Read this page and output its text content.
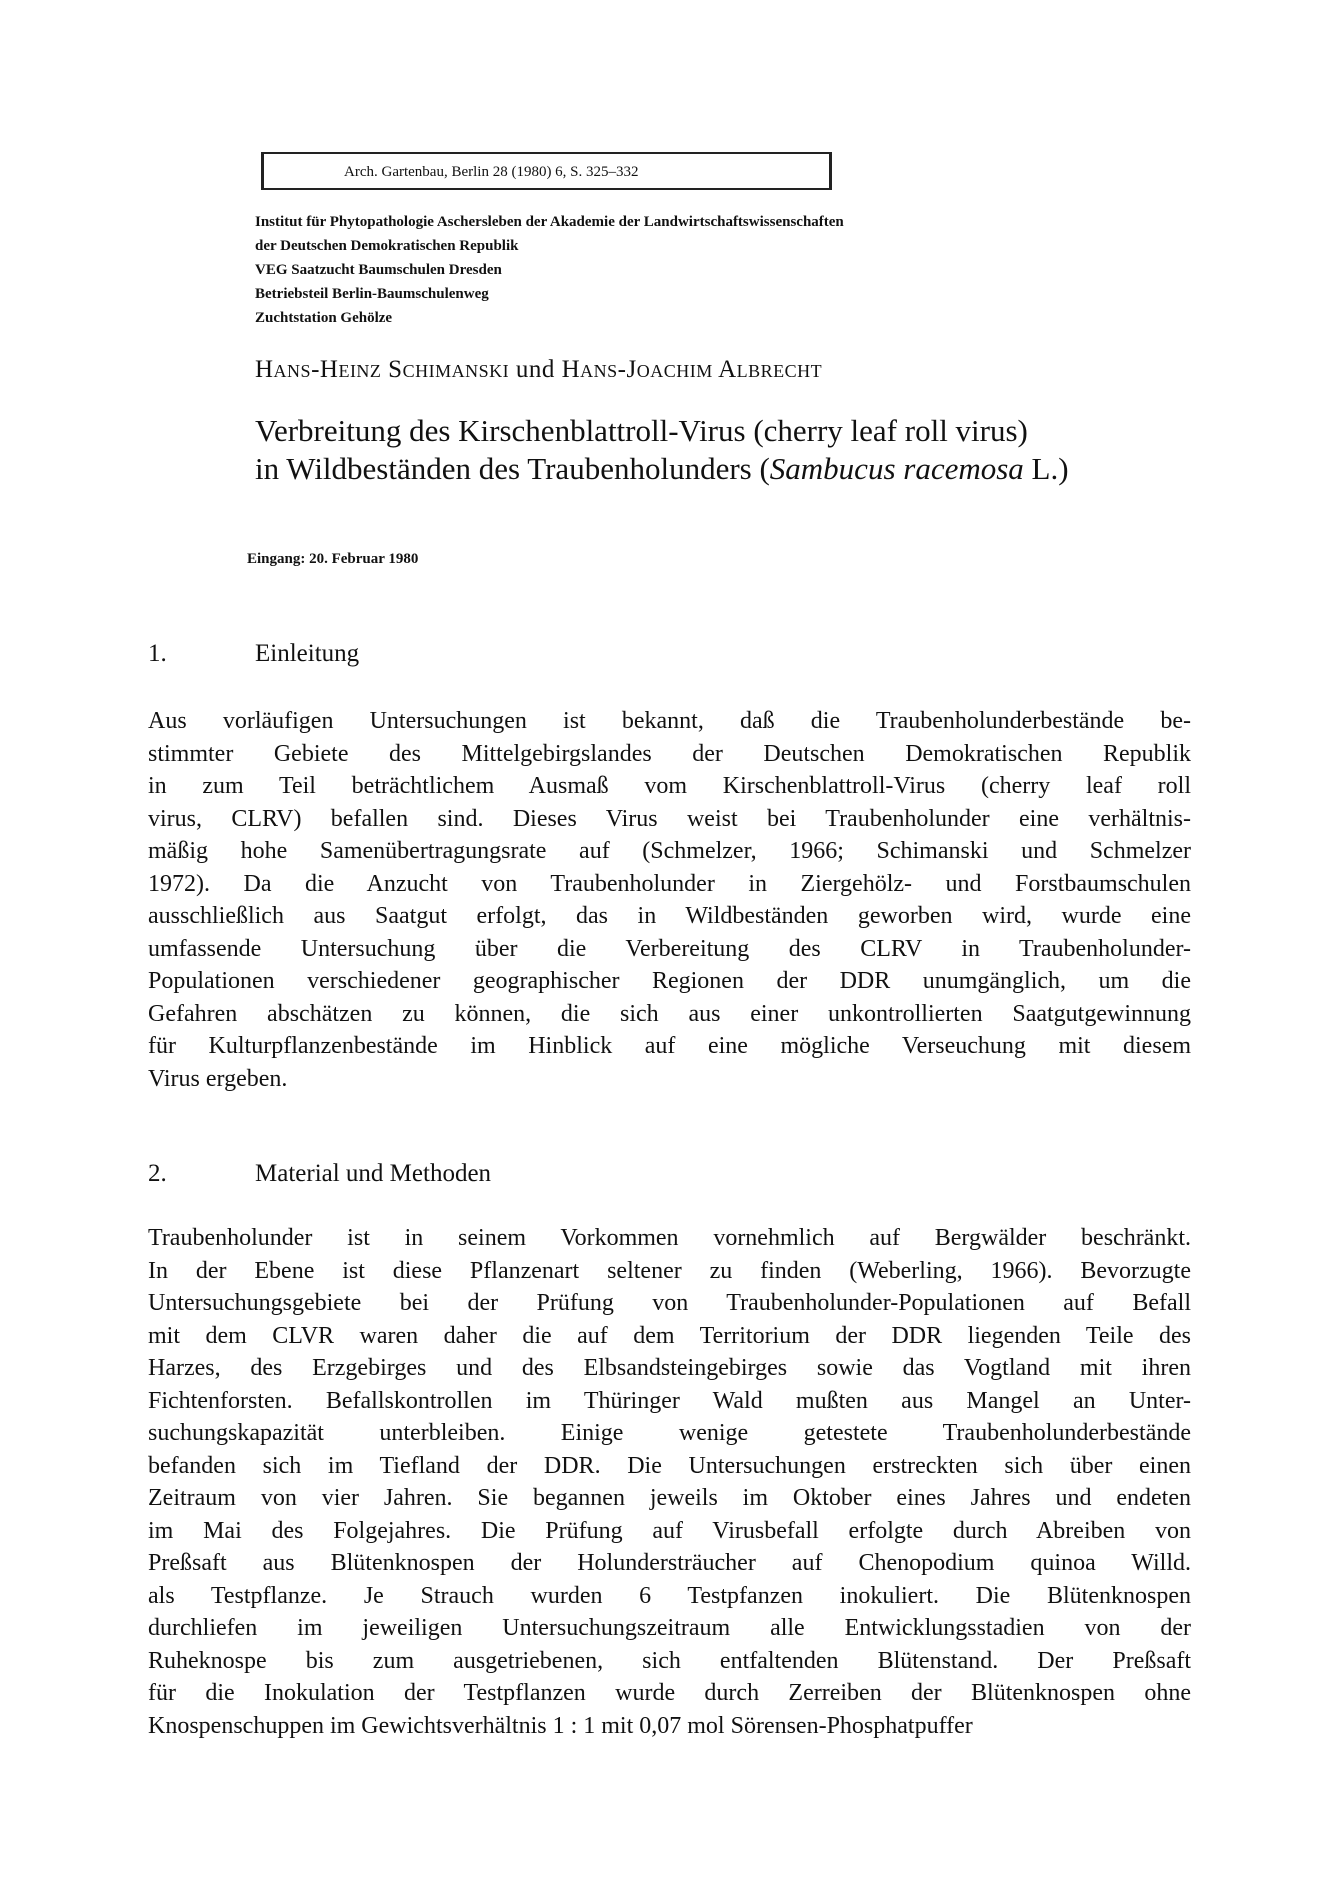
Arch. Gartenbau, Berlin 28 (1980) 6, S. 325–332
Institut für Phytopathologie Aschersleben der Akademie der Landwirtschaftswissenschaften
der Deutschen Demokratischen Republik
VEG Saatzucht Baumschulen Dresden
Betriebsteil Berlin-Baumschulenweg
Zuchtstation Gehölze
Hans-Heinz Schimanski und Hans-Joachim Albrecht
Verbreitung des Kirschenblattroll-Virus (cherry leaf roll virus)
in Wildbeständen des Traubenholunders (Sambucus racemosa L.)
Eingang: 20. Februar 1980
1.	Einleitung
Aus vorläufigen Untersuchungen ist bekannt, daß die Traubenholunderbestände be-
stimmter Gebiete des Mittelgebirgslandes der Deutschen Demokratischen Republik
in zum Teil beträchtlichem Ausmaß vom Kirschenblattroll-Virus (cherry leaf roll
virus, CLRV) befallen sind. Dieses Virus weist bei Traubenholunder eine verhältnis-
mäßig hohe Samenübertragungsrate auf (Schmelzer, 1966; Schimanski und Schmelzer
1972). Da die Anzucht von Traubenholunder in Ziergehölz- und Forstbaumschulen
ausschließlich aus Saatgut erfolgt, das in Wildbeständen geworben wird, wurde eine
umfassende Untersuchung über die Verbereitung des CLRV in Traubenholunder-
Populationen verschiedener geographischer Regionen der DDR unumgänglich, um die
Gefahren abschätzen zu können, die sich aus einer unkontrollierten Saatgutgewinnung
für Kulturpflanzenbestände im Hinblick auf eine mögliche Verseuchung mit diesem
Virus ergeben.
2.	Material und Methoden
Traubenholunder ist in seinem Vorkommen vornehmlich auf Bergwälder beschränkt.
In der Ebene ist diese Pflanzenart seltener zu finden (Weberling, 1966). Bevorzugte
Untersuchungsgebiete bei der Prüfung von Traubenholunder-Populationen auf Befall
mit dem CLVR waren daher die auf dem Territorium der DDR liegenden Teile des
Harzes, des Erzgebirges und des Elbsandsteingebirges sowie das Vogtland mit ihren
Fichtenforsten. Befallskontrollen im Thüringer Wald mußten aus Mangel an Unter-
suchungskapazität unterbleiben. Einige wenige getestete Traubenholunderbestände
befanden sich im Tiefland der DDR. Die Untersuchungen erstreckten sich über einen
Zeitraum von vier Jahren. Sie begannen jeweils im Oktober eines Jahres und endeten
im Mai des Folgejahres. Die Prüfung auf Virusbefall erfolgte durch Abreiben von
Preßsaft aus Blütenknospen der Holundersträucher auf Chenopodium quinoa Willd.
als Testpflanze. Je Strauch wurden 6 Testpfanzen inokuliert. Die Blütenknospen
durchliefen im jeweiligen Untersuchungszeitraum alle Entwicklungsstadien von der
Ruheknospe bis zum ausgetriebenen, sich entfaltenden Blütenstand. Der Preßsaft
für die Inokulation der Testpflanzen wurde durch Zerreiben der Blütenknospen ohne
Knospenschuppen im Gewichtsverhältnis 1 : 1 mit 0,07 mol Sörensen-Phosphatpuffer
